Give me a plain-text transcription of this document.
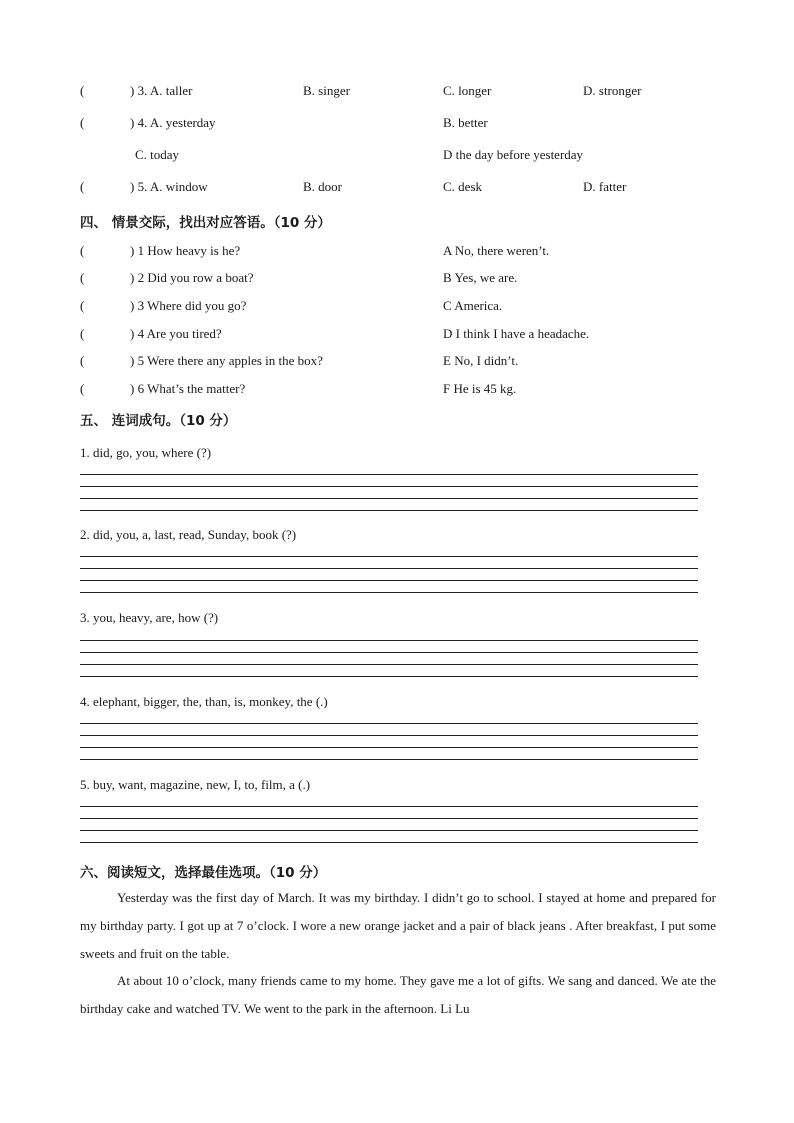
(	) 3. A. taller	B. singer	C. longer	D. stronger
(	) 4. A. yesterday	B. better
C. today	D the day before yesterday
(	) 5. A. window	B. door	C. desk	D. fatter
四、 情景交际，找出对应答语。（10 分）
(	) 1 How heavy is he?	A No, there weren’t.
(	) 2 Did you row a boat?	B Yes, we are.
(	) 3 Where did you go?	C America.
(	) 4 Are you tired?	D I think I have a headache.
(	) 5 Were there any apples in the box?	E No, I didn’t.
(	) 6 What’s the matter?	F He is 45 kg.
五、 连词成句。（10 分）
1. did, go, you, where (?)
2. did, you, a, last, read, Sunday, book (?)
3. you, heavy, are, how (?)
4. elephant, bigger, the, than, is, monkey, the (.)
5. buy, want, magazine, new, I, to, film, a (.)
六、阅读短文，选择最佳选项。（10 分）

Yesterday was the first day of March. It was my birthday. I didn’t go to school. I stayed at home and prepared for my birthday party. I got up at 7 o’clock. I wore a new orange jacket and a pair of black jeans . After breakfast, I put some sweets and fruit on the table.

At about 10 o’clock, many friends came to my home. They gave me a lot of gifts. We sang and danced. We ate the birthday cake and watched TV. We went to the park in the afternoon. Li Lu
